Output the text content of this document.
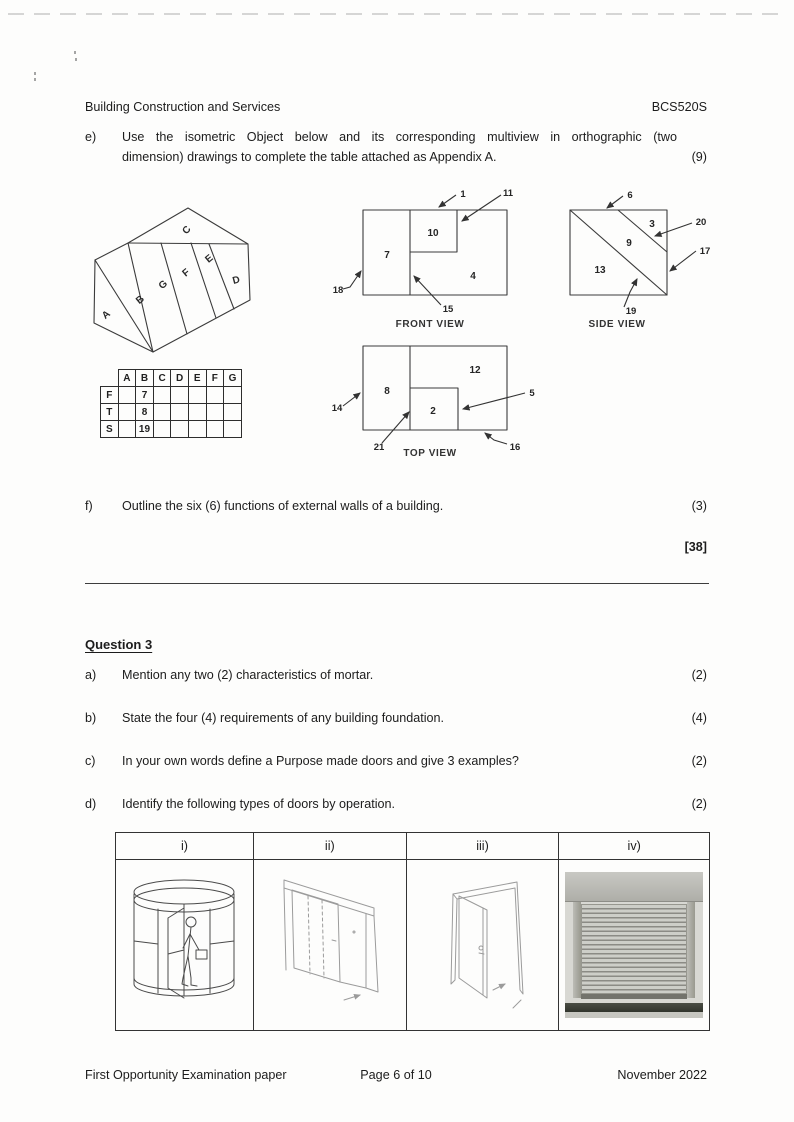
Building Construction and Services	BCS520S
e) Use the isometric Object below and its corresponding multiview in orthographic (two
dimension) drawings to complete the table attached as Appendix A.	(9)
A
B
G
F
E
C
D
7
10
4
1	11
18
15
FRONT VIEW
3
9
13
6
20
17
19
SIDE VIEW
8
12
2
14
21
5
16
TOP VIEW
	A	B	C	D	E	F	G
F		7					
T		8					
S		19					
f) Outline the six (6) functions of external walls of a building.	(3)
[38]
Question 3
a) Mention any two (2) characteristics of mortar.	(2)
b) State the four (4) requirements of any building foundation.	(4)
c) In your own words define a Purpose made doors and give 3 examples?	(2)
d) Identify the following types of doors by operation.	(2)
i)	ii)	iii)	iv)

First Opportunity Examination paper	Page 6 of 10	November 2022
